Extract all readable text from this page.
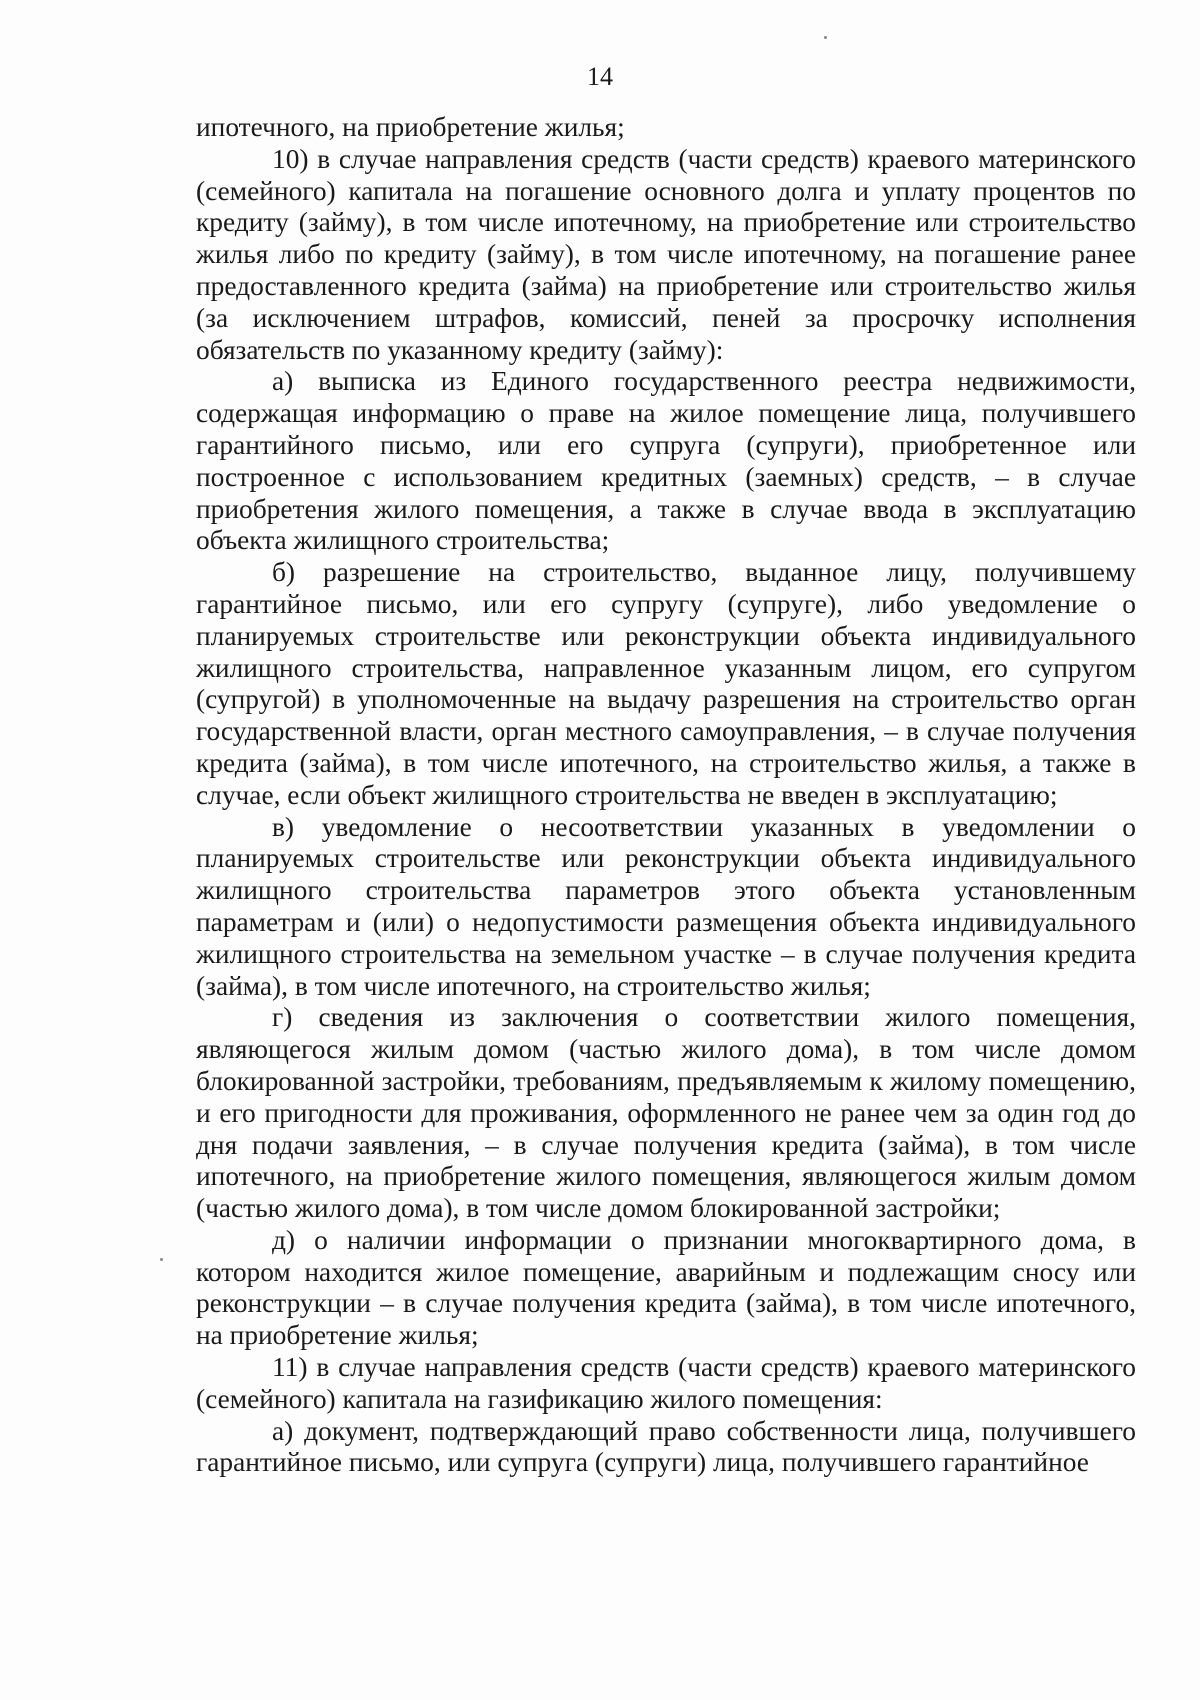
14

ипотечного, на приобретение жилья;

10) в случае направления средств (части средств) краевого материнского (семейного) капитала на погашение основного долга и уплату процентов по кредиту (займу), в том числе ипотечному, на приобретение или строительство жилья либо по кредиту (займу), в том числе ипотечному, на погашение ранее предоставленного кредита (займа) на приобретение или строительство жилья (за исключением штрафов, комиссий, пеней за просрочку исполнения обязательств по указанному кредиту (займу):

а) выписка из Единого государственного реестра недвижимости, содержащая информацию о праве на жилое помещение лица, получившего гарантийного письмо, или его супруга (супруги), приобретенное или построенное с использованием кредитных (заемных) средств, – в случае приобретения жилого помещения, а также в случае ввода в эксплуатацию объекта жилищного строительства;

б) разрешение на строительство, выданное лицу, получившему гарантийное письмо, или его супругу (супруге), либо уведомление о планируемых строительстве или реконструкции объекта индивидуального жилищного строительства, направленное указанным лицом, его супругом (супругой) в уполномоченные на выдачу разрешения на строительство орган государственной власти, орган местного самоуправления, – в случае получения кредита (займа), в том числе ипотечного, на строительство жилья, а также в случае, если объект жилищного строительства не введен в эксплуатацию;

в) уведомление о несоответствии указанных в уведомлении о планируемых строительстве или реконструкции объекта индивидуального жилищного строительства параметров этого объекта установленным параметрам и (или) о недопустимости размещения объекта индивидуального жилищного строительства на земельном участке – в случае получения кредита (займа), в том числе ипотечного, на строительство жилья;

г) сведения из заключения о соответствии жилого помещения, являющегося жилым домом (частью жилого дома), в том числе домом блокированной застройки, требованиям, предъявляемым к жилому помещению, и его пригодности для проживания, оформленного не ранее чем за один год до дня подачи заявления, – в случае получения кредита (займа), в том числе ипотечного, на приобретение жилого помещения, являющегося жилым домом (частью жилого дома), в том числе домом блокированной застройки;

д) о наличии информации о признании многоквартирного дома, в котором находится жилое помещение, аварийным и подлежащим сносу или реконструкции – в случае получения кредита (займа), в том числе ипотечного, на приобретение жилья;

11) в случае направления средств (части средств) краевого материнского (семейного) капитала на газификацию жилого помещения:

а) документ, подтверждающий право собственности лица, получившего гарантийное письмо, или супруга (супруги) лица, получившего гарантийное
